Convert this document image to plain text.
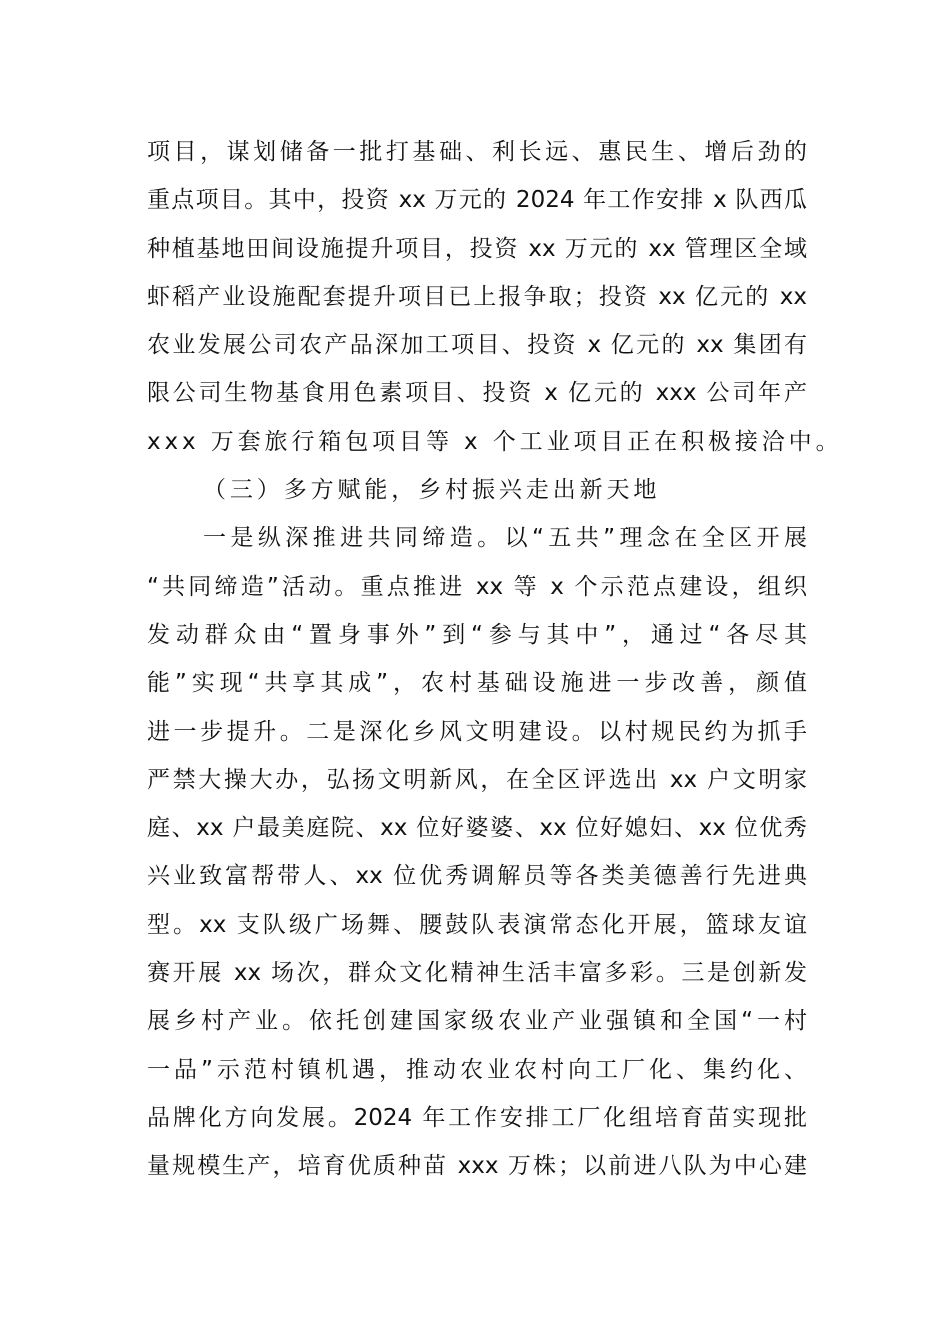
项目，谋划储备一批打基础、利长远、惠民生、增后劲的
重点项目。其中，投资 xx 万元的 2024 年工作安排 x 队西瓜
种植基地田间设施提升项目，投资 xx 万元的 xx 管理区全域
虾稻产业设施配套提升项目已上报争取；投资 xx 亿元的 xx
农业发展公司农产品深加工项目、投资 x 亿元的 xx 集团有
限公司生物基食用色素项目、投资 x 亿元的 xxx 公司年产
xxx 万套旅行箱包项目等 x 个工业项目正在积极接洽中。
（三）多方赋能，乡村振兴走出新天地
一是纵深推进共同缔造。以“五共”理念在全区开展
“共同缔造”活动。重点推进 xx 等 x 个示范点建设，组织
发动群众由“置身事外”到“参与其中”，通过“各尽其
能”实现“共享其成”，农村基础设施进一步改善，颜值
进一步提升。二是深化乡风文明建设。以村规民约为抓手
严禁大操大办，弘扬文明新风，在全区评选出 xx 户文明家
庭、xx 户最美庭院、xx 位好婆婆、xx 位好媳妇、xx 位优秀
兴业致富帮带人、xx 位优秀调解员等各类美德善行先进典
型。xx 支队级广场舞、腰鼓队表演常态化开展，篮球友谊
赛开展 xx 场次，群众文化精神生活丰富多彩。三是创新发
展乡村产业。依托创建国家级农业产业强镇和全国“一村
一品”示范村镇机遇，推动农业农村向工厂化、集约化、
品牌化方向发展。2024 年工作安排工厂化组培育苗实现批
量规模生产，培育优质种苗 xxx 万株；以前进八队为中心建
